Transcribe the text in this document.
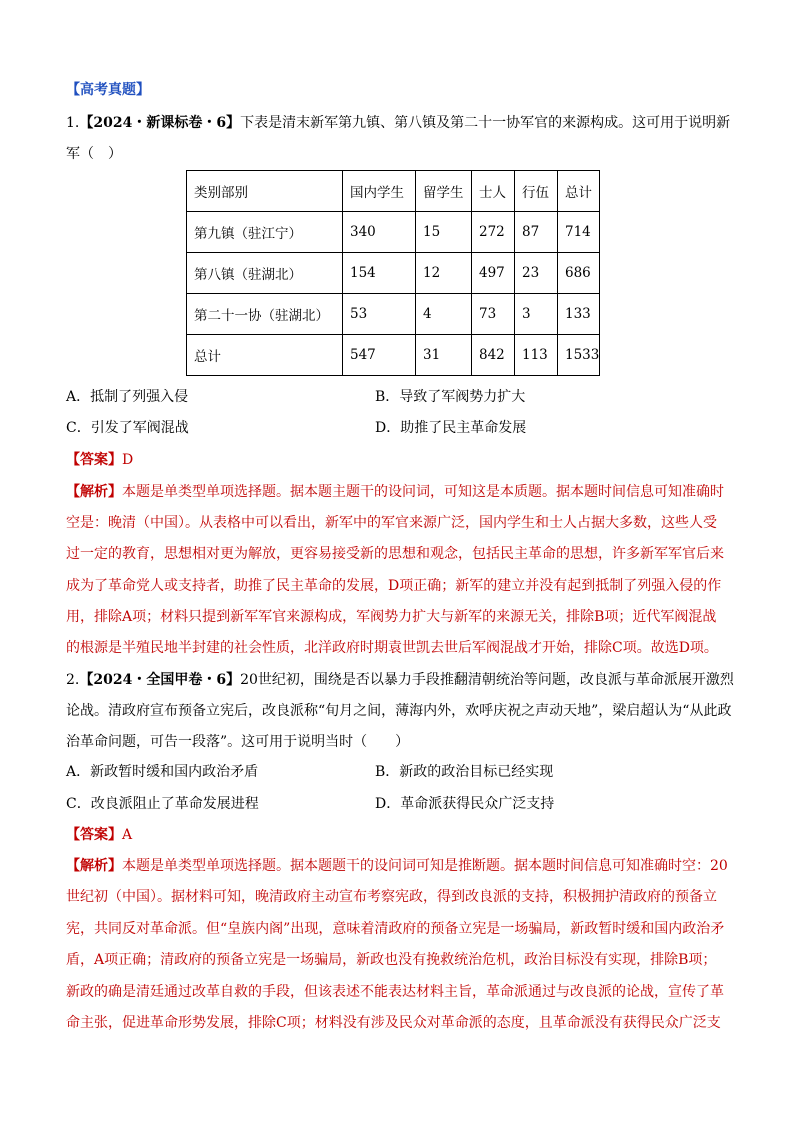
【高考真题】
1.【2024・新课标卷・6】下表是清末新军第九镇、第八镇及第二十一协军官的来源构成。这可用于说明新
军（　）
类别部别	国内学生	留学生	士人	行伍	总计
第九镇（驻江宁）	340	15	272	87	714
第八镇（驻湖北）	154	12	497	23	686
第二十一协（驻湖北）	53	4	73	3	133
总计	547	31	842	113	1533
A．抵制了列强入侵	B．导致了军阀势力扩大
C．引发了军阀混战	D．助推了民主革命发展
【答案】D
【解析】本题是单类型单项选择题。据本题主题干的设问词，可知这是本质题。据本题时间信息可知准确时
空是：晚清（中国）。从表格中可以看出，新军中的军官来源广泛，国内学生和士人占据大多数，这些人受
过一定的教育，思想相对更为解放，更容易接受新的思想和观念，包括民主革命的思想，许多新军军官后来
成为了革命党人或支持者，助推了民主革命的发展，D项正确；新军的建立并没有起到抵制了列强入侵的作
用，排除A项；材料只提到新军军官来源构成，军阀势力扩大与新军的来源无关，排除B项；近代军阀混战
的根源是半殖民地半封建的社会性质，北洋政府时期袁世凯去世后军阀混战才开始，排除C项。故选D项。
2.【2024・全国甲卷・6】20世纪初，围绕是否以暴力手段推翻清朝统治等问题，改良派与革命派展开激烈
论战。清政府宣布预备立宪后，改良派称“旬月之间，薄海内外，欢呼庆祝之声动天地”，梁启超认为“从此政
治革命问题，可告一段落”。这可用于说明当时（　　）
A．新政暂时缓和国内政治矛盾	B．新政的政治目标已经实现
C．改良派阻止了革命发展进程	D．革命派获得民众广泛支持
【答案】A
【解析】本题是单类型单项选择题。据本题题干的设问词可知是推断题。据本题时间信息可知准确时空：20
世纪初（中国）。据材料可知，晚清政府主动宣布考察宪政，得到改良派的支持，积极拥护清政府的预备立
宪，共同反对革命派。但“皇族内阁”出现，意味着清政府的预备立宪是一场骗局，新政暂时缓和国内政治矛
盾，A项正确；清政府的预备立宪是一场骗局，新政也没有挽救统治危机，政治目标没有实现，排除B项；
新政的确是清廷通过改革自救的手段，但该表述不能表达材料主旨，革命派通过与改良派的论战，宣传了革
命主张，促进革命形势发展，排除C项；材料没有涉及民众对革命派的态度，且革命派没有获得民众广泛支
